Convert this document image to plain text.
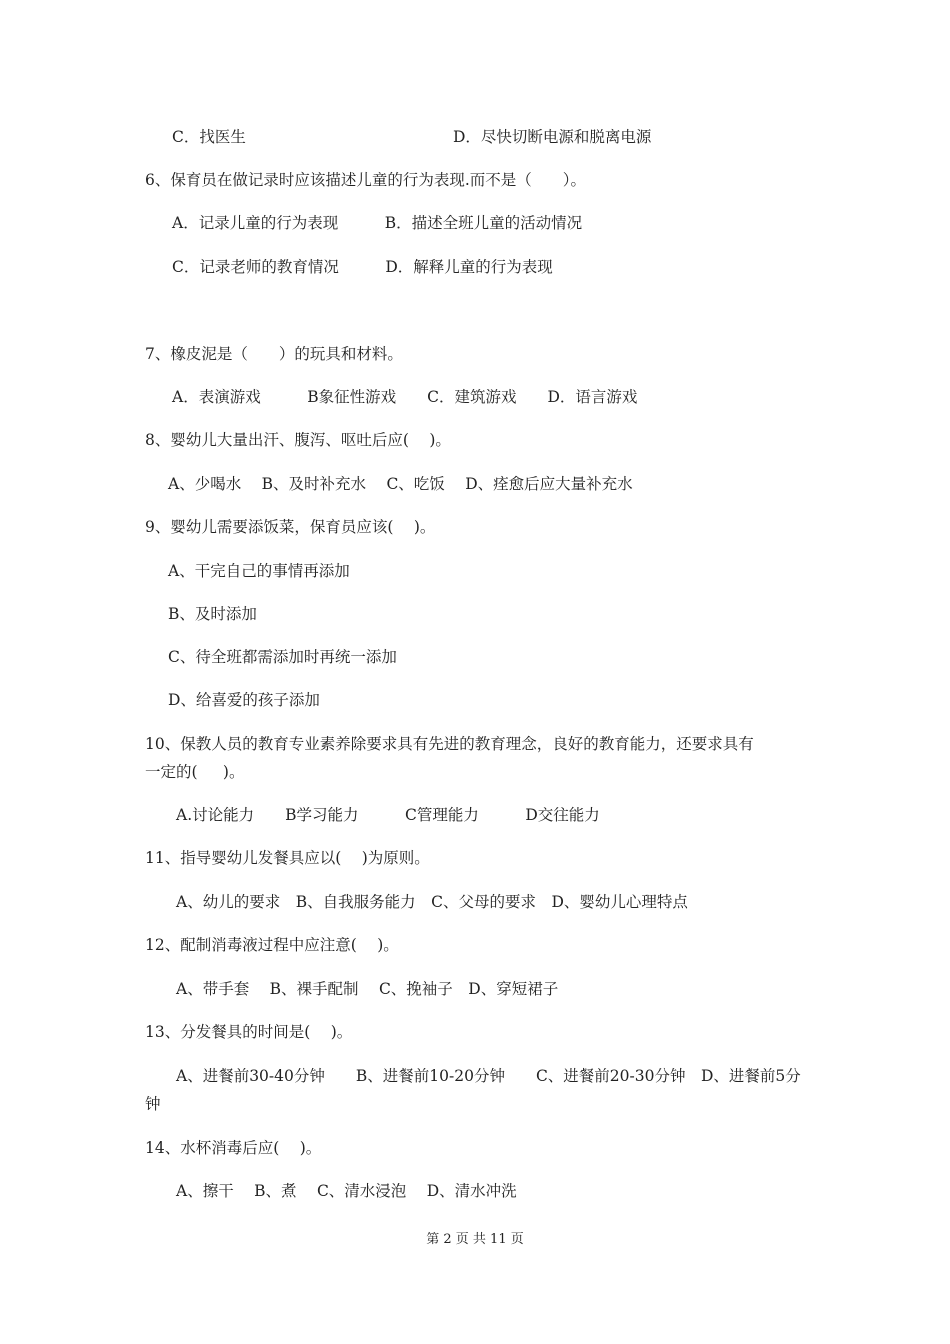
C．找医生	D．尽快切断电源和脱离电源
6、保育员在做记录时应该描述儿童的行为表现.而不是（　　）。
A．记录儿童的行为表现　　　B．描述全班儿童的活动情况
C．记录老师的教育情况　　　D．解释儿童的行为表现
7、橡皮泥是（　　）的玩具和材料。
A．表演游戏　　　B象征性游戏　　C．建筑游戏　　D．语言游戏
8、婴幼儿大量出汗、腹泻、呕吐后应(　 )。
A、少喝水　 B、及时补充水　 C、吃饭　 D、痊愈后应大量补充水
9、婴幼儿需要添饭菜，保育员应该(　 )。
A、干完自己的事情再添加
B、及时添加
C、待全班都需添加时再统一添加
D、给喜爱的孩子添加
10、保教人员的教育专业素养除要求具有先进的教育理念，良好的教育能力，还要求具有
一定的(　  )。
A.讨论能力　　B学习能力　　　C管理能力　　　D交往能力
11、指导婴幼儿发餐具应以(　 )为原则。
A、幼儿的要求　B、自我服务能力　C、父母的要求　D、婴幼儿心理特点
12、配制消毒液过程中应注意(　 )。
A、带手套　 B、裸手配制　 C、挽袖子　D、穿短裙子
13、分发餐具的时间是(　 )。
A、进餐前30-40分钟　　B、进餐前10-20分钟　　C、进餐前20-30分钟　D、进餐前5分
钟
14、水杯消毒后应(　 )。
A、擦干　 B、煮　 C、清水浸泡　 D、清水冲洗
第 2 页 共 11 页
